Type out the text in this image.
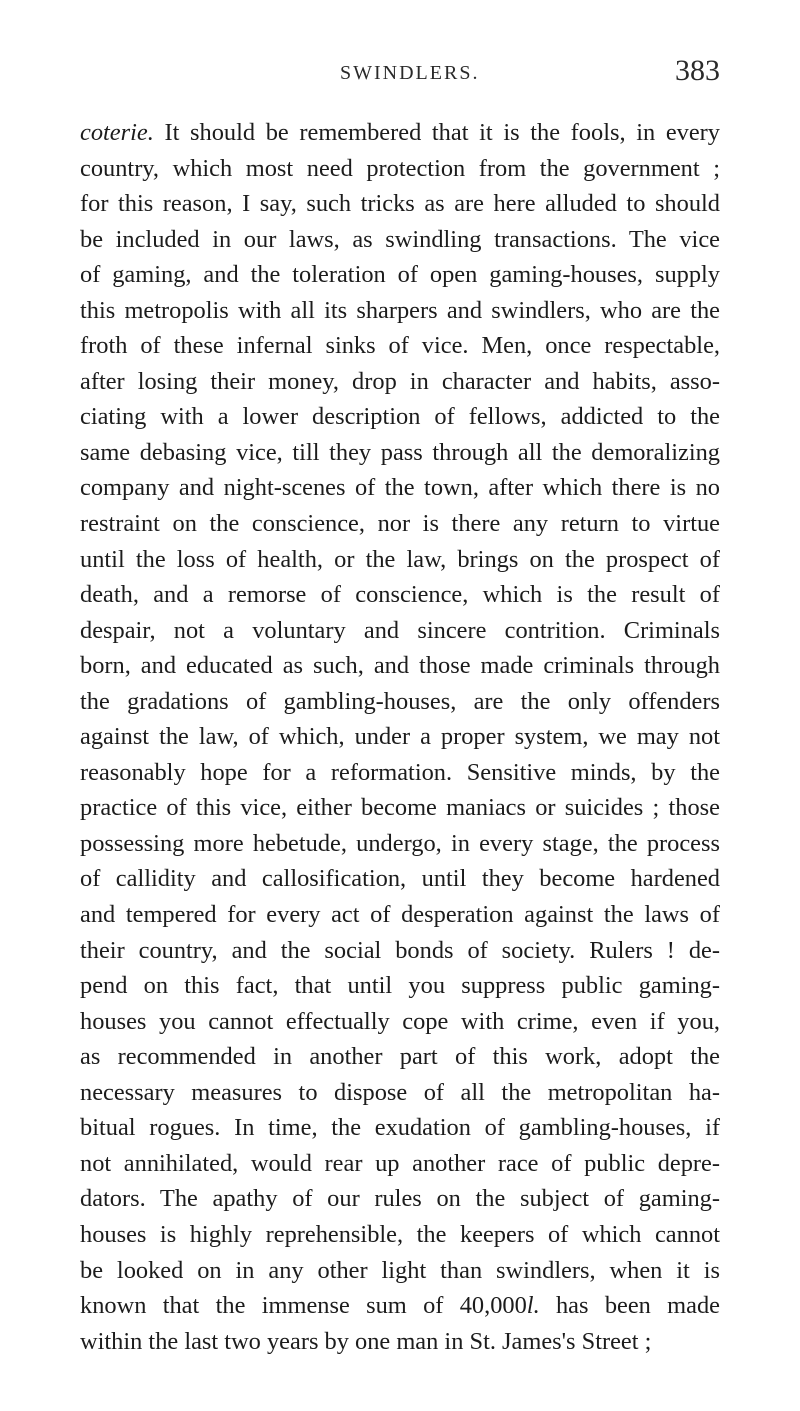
SWINDLERS.	383
coterie. It should be remembered that it is the fools, in every
country, which most need protection from the government ;
for this reason, I say, such tricks as are here alluded to should
be included in our laws, as swindling transactions. The vice
of gaming, and the toleration of open gaming-houses, supply
this metropolis with all its sharpers and swindlers, who are the
froth of these infernal sinks of vice. Men, once respectable,
after losing their money, drop in character and habits, asso-
ciating with a lower description of fellows, addicted to the
same debasing vice, till they pass through all the demoralizing
company and night-scenes of the town, after which there is no
restraint on the conscience, nor is there any return to virtue
until the loss of health, or the law, brings on the prospect of
death, and a remorse of conscience, which is the result of
despair, not a voluntary and sincere contrition. Criminals
born, and educated as such, and those made criminals through
the gradations of gambling-houses, are the only offenders
against the law, of which, under a proper system, we may not
reasonably hope for a reformation. Sensitive minds, by the
practice of this vice, either become maniacs or suicides ; those
possessing more hebetude, undergo, in every stage, the process
of callidity and callosification, until they become hardened
and tempered for every act of desperation against the laws of
their country, and the social bonds of society. Rulers ! de-
pend on this fact, that until you suppress public gaming-
houses you cannot effectually cope with crime, even if you,
as recommended in another part of this work, adopt the
necessary measures to dispose of all the metropolitan ha-
bitual rogues. In time, the exudation of gambling-houses, if
not annihilated, would rear up another race of public depre-
dators. The apathy of our rules on the subject of gaming-
houses is highly reprehensible, the keepers of which cannot
be looked on in any other light than swindlers, when it is
known that the immense sum of 40,000l. has been made
within the last two years by one man in St. James's Street ;
